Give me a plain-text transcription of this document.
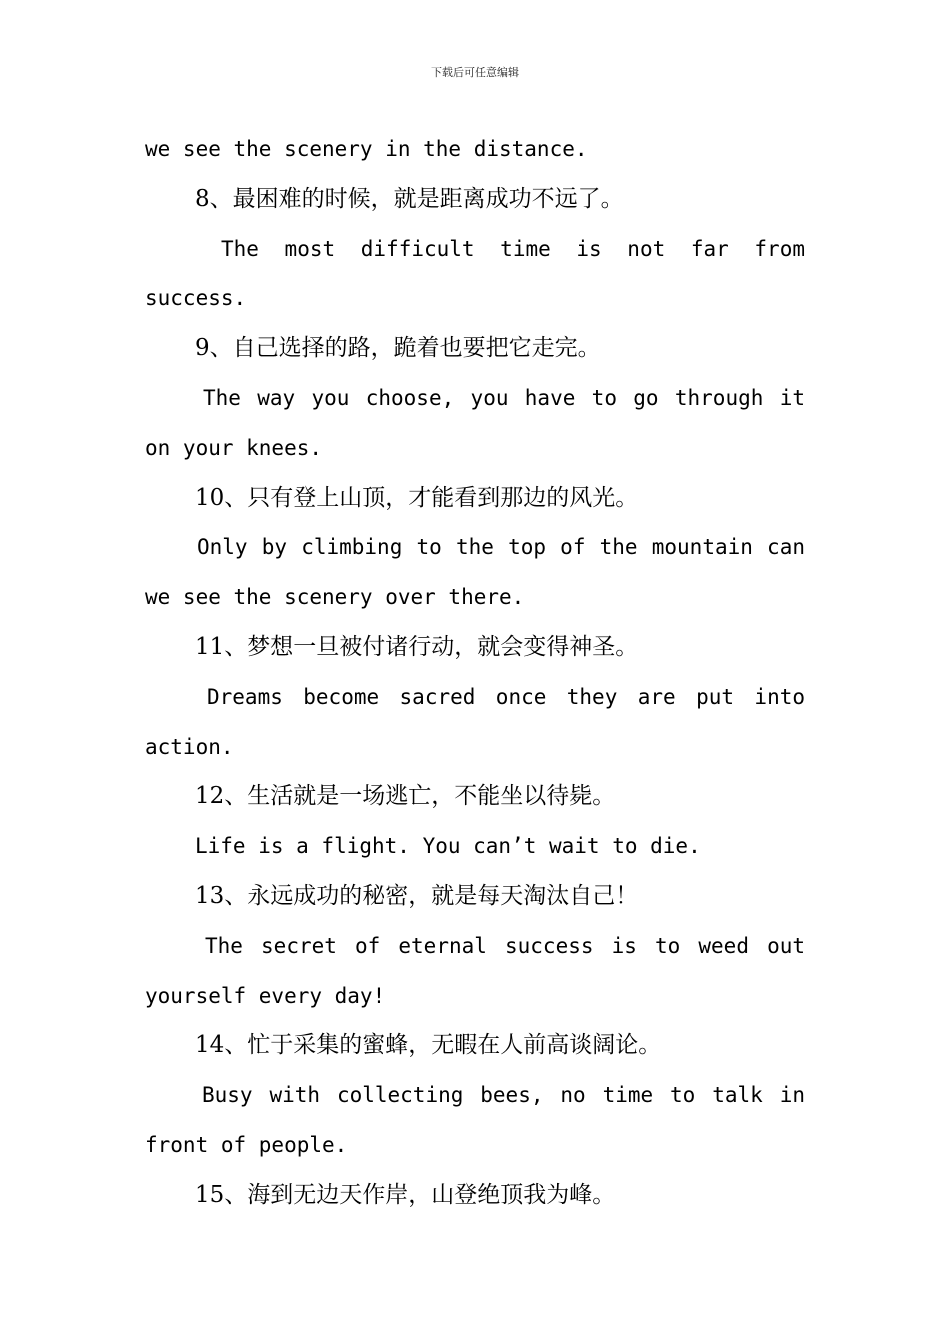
下载后可任意编辑
we see the scenery in the distance.
8、最困难的时候，就是距离成功不远了。
The most difficult time is not far from
success.
9、自己选择的路，跪着也要把它走完。
The way you choose, you have to go through it
on your knees.
10、只有登上山顶，才能看到那边的风光。
Only by climbing to the top of the mountain can
we see the scenery over there.
11、梦想一旦被付诸行动，就会变得神圣。
Dreams become sacred once they are put into
action.
12、生活就是一场逃亡，不能坐以待毙。
Life is a flight. You can’t wait to die.
13、永远成功的秘密，就是每天淘汰自己！
The secret of eternal success is to weed out
yourself every day!
14、忙于采集的蜜蜂，无暇在人前高谈阔论。
Busy with collecting bees, no time to talk in
front of people.
15、海到无边天作岸，山登绝顶我为峰。
